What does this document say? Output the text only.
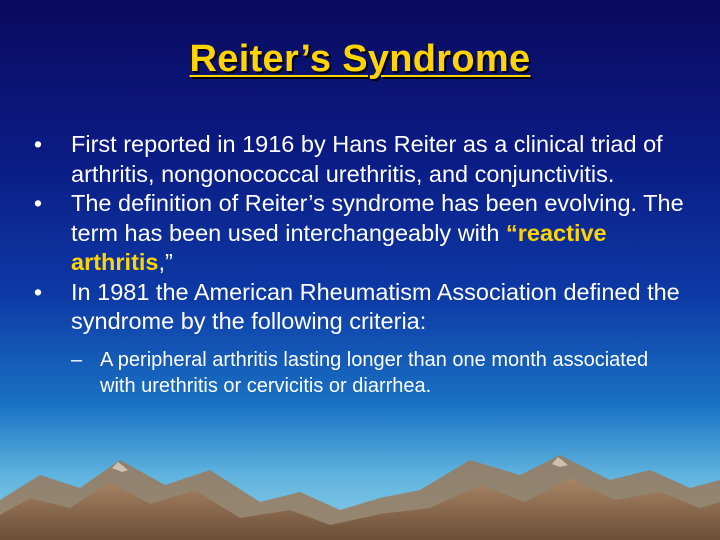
Reiter’s Syndrome
• First reported in 1916 by Hans Reiter as a clinical triad of arthritis, nongonococcal urethritis, and conjunctivitis.
• The definition of Reiter’s syndrome has been evolving. The term has been used interchangeably with “reactive arthritis,”
• In 1981 the American Rheumatism Association defined the syndrome by the following criteria:
– A peripheral arthritis lasting longer than one month associated with urethritis or cervicitis or diarrhea.
